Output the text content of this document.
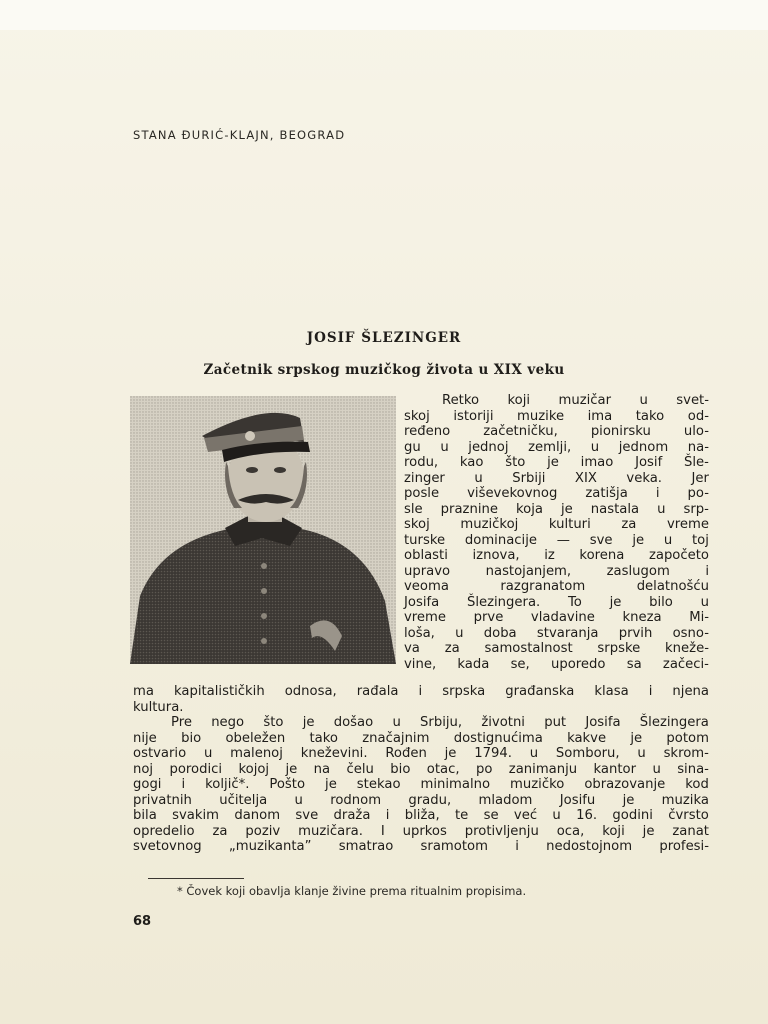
STANA ĐURIĆ-KLAJN, BEOGRAD
JOSIF ŠLEZINGER
Začetnik srpskog muzičkog života u XIX veku
Retko koji muzičar u svet-
skoj istoriji muzike ima tako od-
ređeno	začetničku,	pionirsku	ulo-
gu u jednoj zemlji, u jednom na-
rodu, kao što je imao Josif Šle-
zinger u Srbiji XIX veka. Jer
posle viševekovnog zatišja i po-
sle praznine koja je nastala u srp-
skoj muzičkoj kulturi za vreme
turske dominacije — sve je u toj
oblasti iznova, iz korena započeto
upravo	nastojanjem,	zaslugom	i
veoma	razgranatom	delatnošću
Josifa Šlezingera. To je bilo u
vreme prve vladavine kneza Mi-
loša, u doba stvaranja prvih osno-
va za samostalnost srpske kneže-
vine, kada se, uporedo sa začeci-
ma kapitalističkih odnosa, rađala i srpska građanska klasa i njena
kultura.
Pre nego što je došao u Srbiju, životni put Josifa Šlezingera
nije bio obeležen tako značajnim dostignućima kakve je potom
ostvario u malenoj kneževini. Rođen je 1794. u Somboru, u skrom-
noj porodici kojoj je na čelu bio otac, po zanimanju kantor u sina-
gogi i koljič*. Pošto je stekao minimalno muzičko obrazovanje kod
privatnih učitelja u rodnom gradu, mladom Josifu je muzika
bila svakim danom sve draža i bliža, te se već u 16. godini čvrsto
opredelio za poziv muzičara. I uprkos protivljenju oca, koji je zanat
svetovnog „muzikanta” smatrao sramotom i nedostojnom profesi-
* Čovek koji obavlja klanje živine prema ritualnim propisima.
68
